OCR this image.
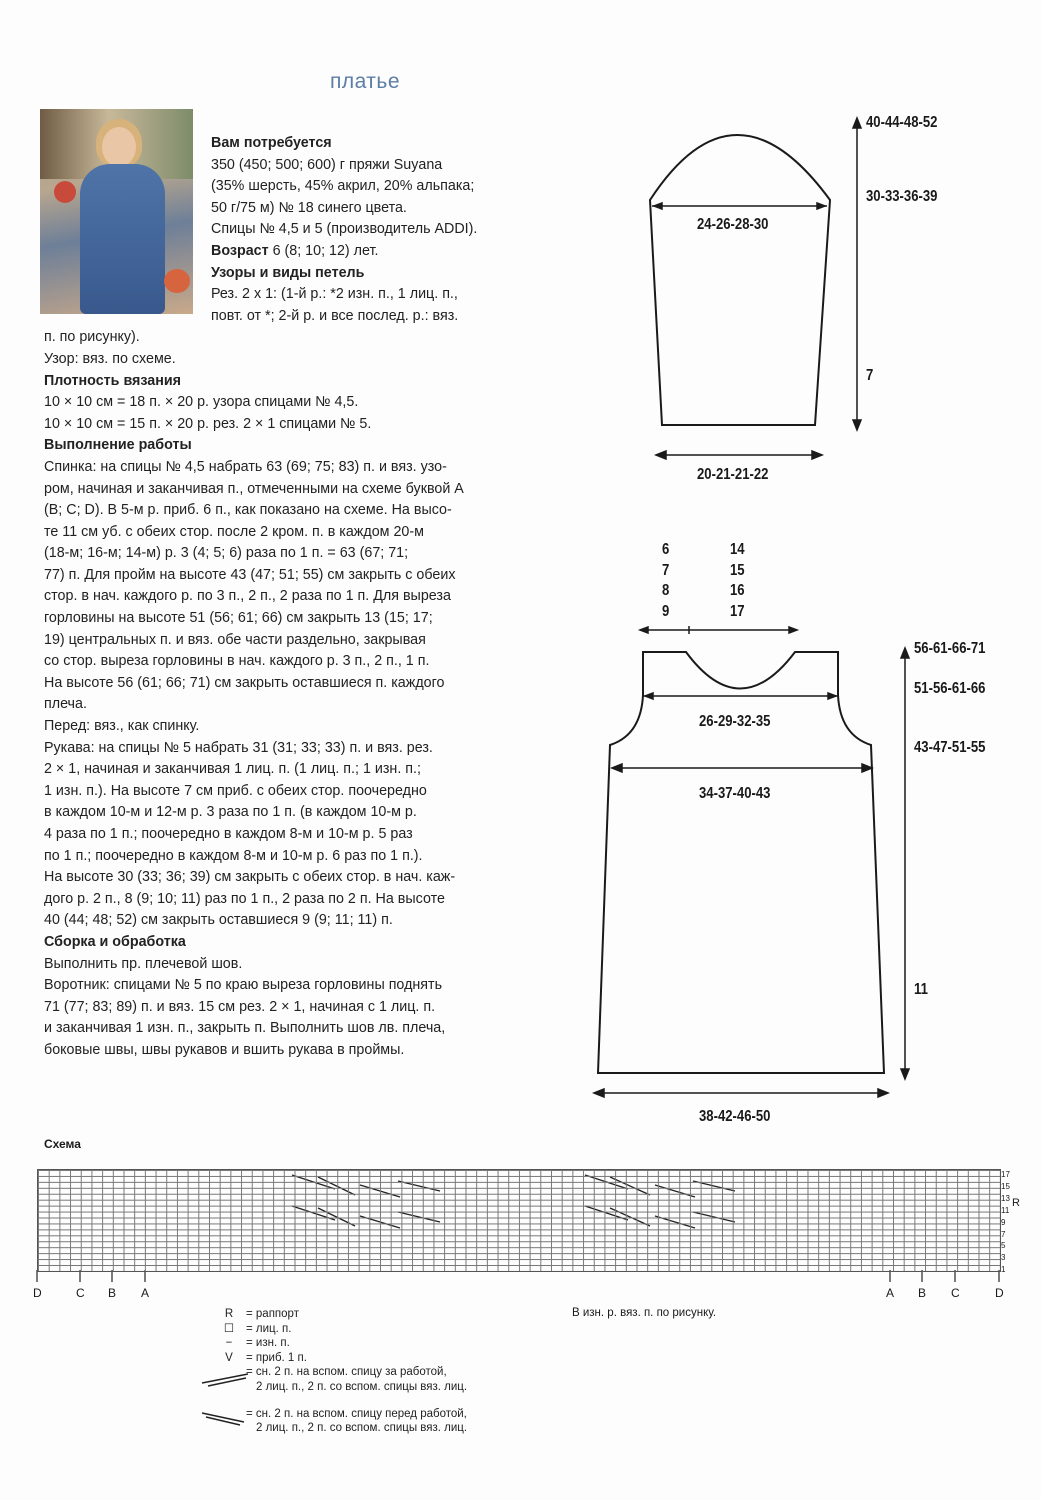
платье
Вам потребуется
350 (450; 500; 600) г пряжи Suyana
(35% шерсть, 45% акрил, 20% альпака;
50 г/75 м) № 18 синего цвета.
Спицы № 4,5 и 5 (производитель ADDI).
Возраст 6 (8; 10; 12) лет.
Узоры и виды петель
Рез. 2 х 1: (1-й р.: *2 изн. п., 1 лиц. п.,
повт. от *; 2-й р. и все послед. р.: вяз.
п. по рисунку).
Узор: вяз. по схеме.
Плотность вязания
10 × 10 см = 18 п. × 20 р. узора спицами № 4,5.
10 × 10 см = 15 п. × 20 р. рез. 2 × 1 спицами № 5.
Выполнение работы
Спинка: на спицы № 4,5 набрать 63 (69; 75; 83) п. и вяз. узо-
ром, начиная и заканчивая п., отмеченными на схеме буквой А
(В; С; D). В 5-м р. приб. 6 п., как показано на схеме. На высо-
те 11 см уб. с обеих стор. после 2 кром. п. в каждом 20-м
(18-м; 16-м; 14-м) р. 3 (4; 5; 6) раза по 1 п. = 63 (67; 71;
77) п. Для пройм на высоте 43 (47; 51; 55) см закрыть с обеих
стор. в нач. каждого р. по 3 п., 2 п., 2 раза по 1 п. Для выреза
горловины на высоте 51 (56; 61; 66) см закрыть 13 (15; 17;
19) центральных п. и вяз. обе части раздельно, закрывая
со стор. выреза горловины в нач. каждого р. 3 п., 2 п., 1 п.
На высоте 56 (61; 66; 71) см закрыть оставшиеся п. каждого
плеча.
Перед: вяз., как спинку.
Рукава: на спицы № 5 набрать 31 (31; 33; 33) п. и вяз. рез.
2 × 1, начиная и заканчивая 1 лиц. п. (1 лиц. п.; 1 изн. п.;
1 изн. п.). На высоте 7 см приб. с обеих стор. поочередно
в каждом 10-м и 12-м р. 3 раза по 1 п. (в каждом 10-м р.
4 раза по 1 п.; поочередно в каждом 8-м и 10-м р. 5 раз
по 1 п.; поочередно в каждом 8-м и 10-м р. 6 раз по 1 п.).
На высоте 30 (33; 36; 39) см закрыть с обеих стор. в нач. каж-
дого р. 2 п., 8 (9; 10; 11) раз по 1 п., 2 раза по 2 п. На высоте
40 (44; 48; 52) см закрыть оставшиеся 9 (9; 11; 11) п.
Сборка и обработка
Выполнить пр. плечевой шов.
Воротник: спицами № 5 по краю выреза горловины поднять
71 (77; 83; 89) п. и вяз. 15 см рез. 2 × 1, начиная с 1 лиц. п.
и заканчивая 1 изн. п., закрыть п. Выполнить шов лв. плеча,
боковые швы, швы рукавов и вшить рукава в проймы.
40-44-48-52
30-33-36-39
24-26-28-30
7
20-21-21-22
6
7
8
9
14
15
16
17
56-61-66-71
51-56-61-66
43-47-51-55
26-29-32-35
34-37-40-43
11
38-42-46-50
Схема
17
15
13
11
9
7
5
3
1
R
D	C B A	A B C	D
R	= раппорт
☐	= лиц. п.
−	= изн. п.
V	= приб. 1 п.
= сн. 2 п. на вспом. спицу за работой,
2 лиц. п., 2 п. со вспом. спицы вяз. лиц.
= сн. 2 п. на вспом. спицу перед работой,
2 лиц. п., 2 п. со вспом. спицы вяз. лиц.
В изн. р. вяз. п. по рисунку.
